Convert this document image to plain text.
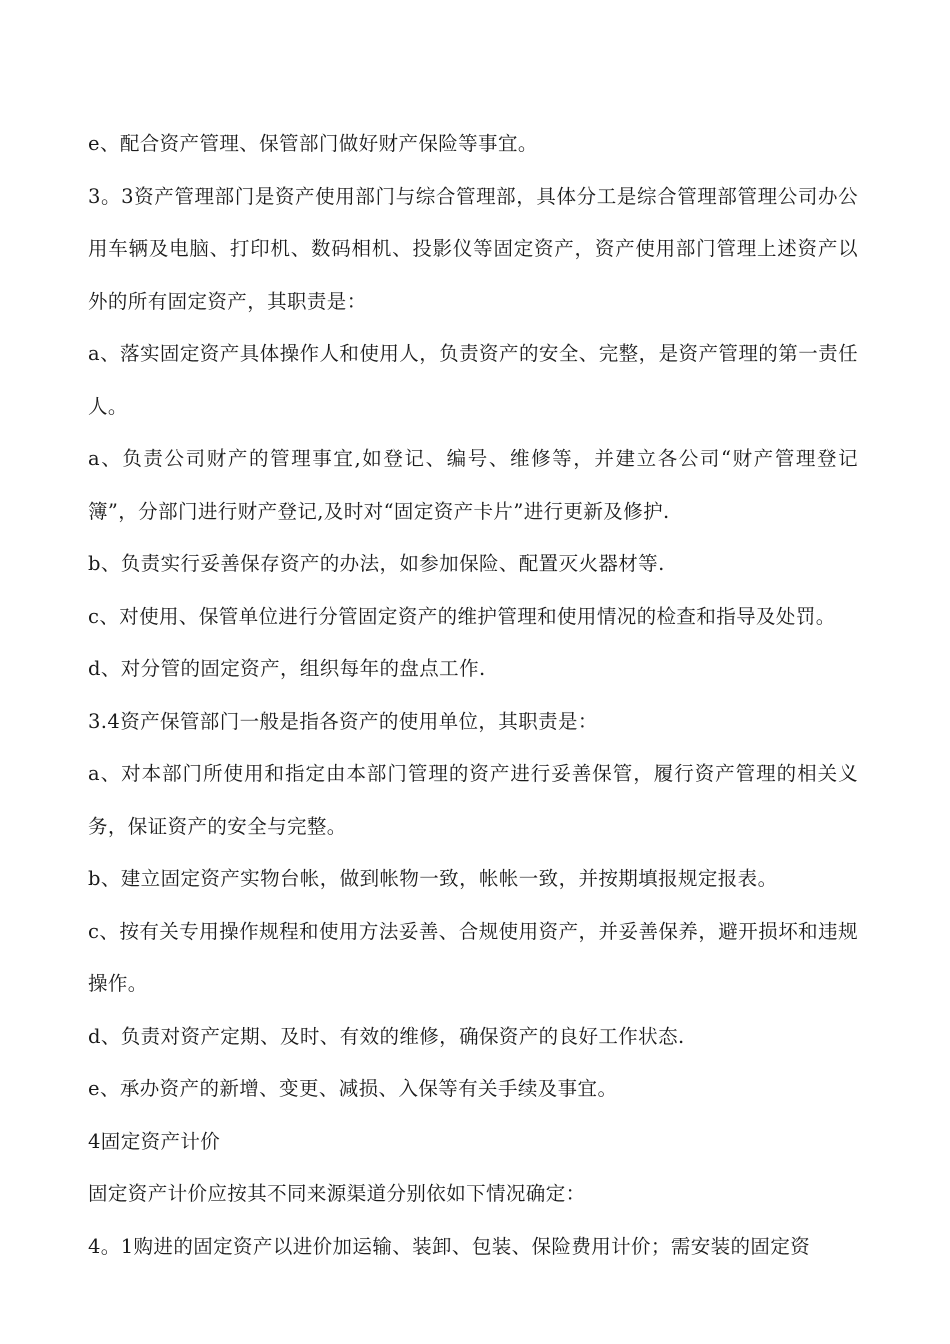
e、配合资产管理、保管部门做好财产保险等事宜。

3。3资产管理部门是资产使用部门与综合管理部，具体分工是综合管理部管理公司办公用车辆及电脑、打印机、数码相机、投影仪等固定资产，资产使用部门管理上述资产以外的所有固定资产，其职责是：

a、落实固定资产具体操作人和使用人，负责资产的安全、完整，是资产管理的第一责任人。

a、负责公司财产的管理事宜,如登记、编号、维修等，并建立各公司“财产管理登记簿”，分部门进行财产登记,及时对“固定资产卡片”进行更新及修护.

b、负责实行妥善保存资产的办法，如参加保险、配置灭火器材等.

c、对使用、保管单位进行分管固定资产的维护管理和使用情况的检查和指导及处罚。

d、对分管的固定资产，组织每年的盘点工作.

3.4资产保管部门一般是指各资产的使用单位，其职责是：

a、对本部门所使用和指定由本部门管理的资产进行妥善保管，履行资产管理的相关义务，保证资产的安全与完整。

b、建立固定资产实物台帐，做到帐物一致，帐帐一致，并按期填报规定报表。

c、按有关专用操作规程和使用方法妥善、合规使用资产，并妥善保养，避开损坏和违规操作。

d、负责对资产定期、及时、有效的维修，确保资产的良好工作状态.

e、承办资产的新增、变更、减损、入保等有关手续及事宜。

4固定资产计价

固定资产计价应按其不同来源渠道分别依如下情况确定：

4。1购进的固定资产以进价加运输、装卸、包装、保险费用计价；需安装的固定资
